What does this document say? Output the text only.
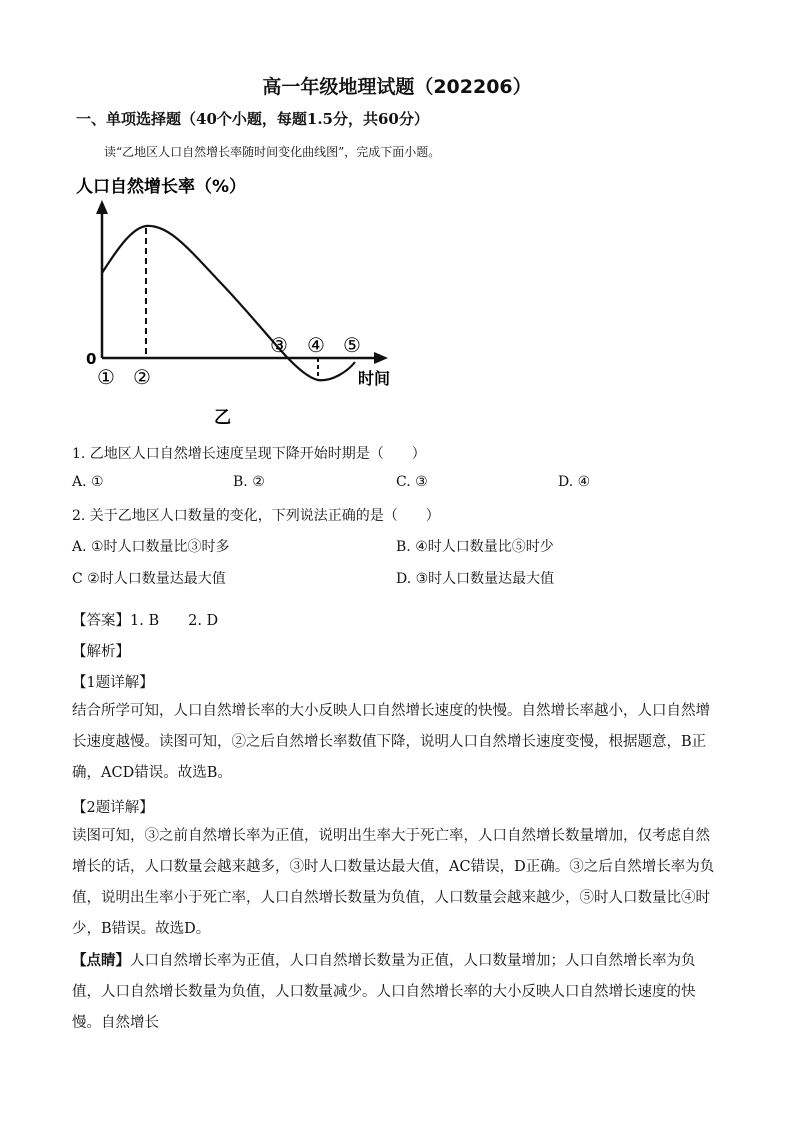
高一年级地理试题（202206）
一、单项选择题（40个小题，每题1.5分，共60分）
读“乙地区人口自然增长率随时间变化曲线图”，完成下面小题。
人口自然增长率（%）
0
① ②
③ ④ ⑤
时间
乙
1. 乙地区人口自然增长速度呈现下降开始时期是（　　）
A. ①	B. ②	C. ③	D. ④
2. 关于乙地区人口数量的变化，下列说法正确的是（　　）
A. ①时人口数量比③时多	B. ④时人口数量比⑤时少
C ②时人口数量达最大值	D. ③时人口数量达最大值
【答案】1. B　　2. D
【解析】
【1题详解】
结合所学可知，人口自然增长率的大小反映人口自然增长速度的快慢。自然增长率越小，人口自然增长速度越慢。读图可知，②之后自然增长率数值下降，说明人口自然增长速度变慢，根据题意，B正确，ACD错误。故选B。
【2题详解】
读图可知，③之前自然增长率为正值，说明出生率大于死亡率，人口自然增长数量增加，仅考虑自然增长的话，人口数量会越来越多，③时人口数量达最大值，AC错误，D正确。③之后自然增长率为负值，说明出生率小于死亡率，人口自然增长数量为负值，人口数量会越来越少，⑤时人口数量比④时少，B错误。故选D。
【点睛】人口自然增长率为正值，人口自然增长数量为正值，人口数量增加；人口自然增长率为负值，人口自然增长数量为负值，人口数量减少。人口自然增长率的大小反映人口自然增长速度的快慢。自然增长
